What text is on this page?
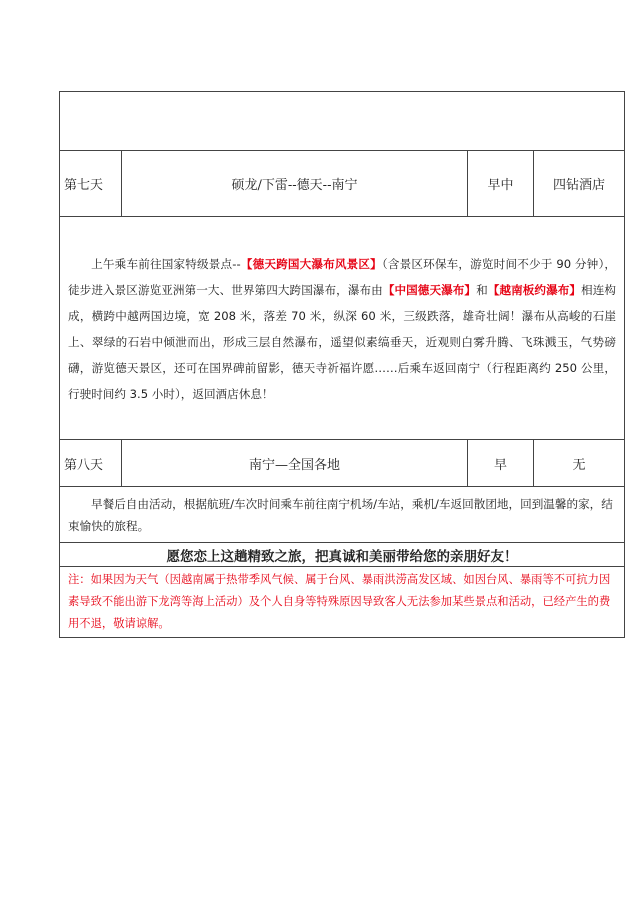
第七天	硕龙/下雷--德天--南宁	早中	四钻酒店
上午乘车前往国家特级景点--【德天跨国大瀑布风景区】（含景区环保车，游览时间不少于 90 分钟），徒步进入景区游览亚洲第一大、世界第四大跨国瀑布，瀑布由【中国德天瀑布】和【越南板约瀑布】相连构成，横跨中越两国边境，宽 208 米，落差 70 米，纵深 60 米，三级跌落，雄奇壮阔！瀑布从高峻的石崖上、翠绿的石岩中倾泄而出，形成三层自然瀑布，遥望似素缟垂天，近观则白雾升腾、飞珠溅玉，气势磅礴，游览德天景区，还可在国界碑前留影，德天寺祈福许愿……后乘车返回南宁（行程距离约 250 公里，行驶时间约 3.5 小时），返回酒店休息！			
第八天	南宁—全国各地	早	无
早餐后自由活动，根据航班/车次时间乘车前往南宁机场/车站，乘机/车返回散团地，回到温馨的家，结束愉快的旅程。			
愿您恋上这趟精致之旅，把真诚和美丽带给您的亲朋好友！			
注：如果因为天气（因越南属于热带季风气候、属于台风、暴雨洪涝高发区域、如因台风、暴雨等不可抗力因素导致不能出游下龙湾等海上活动）及个人自身等特殊原因导致客人无法参加某些景点和活动，已经产生的费用不退，敬请谅解。			
